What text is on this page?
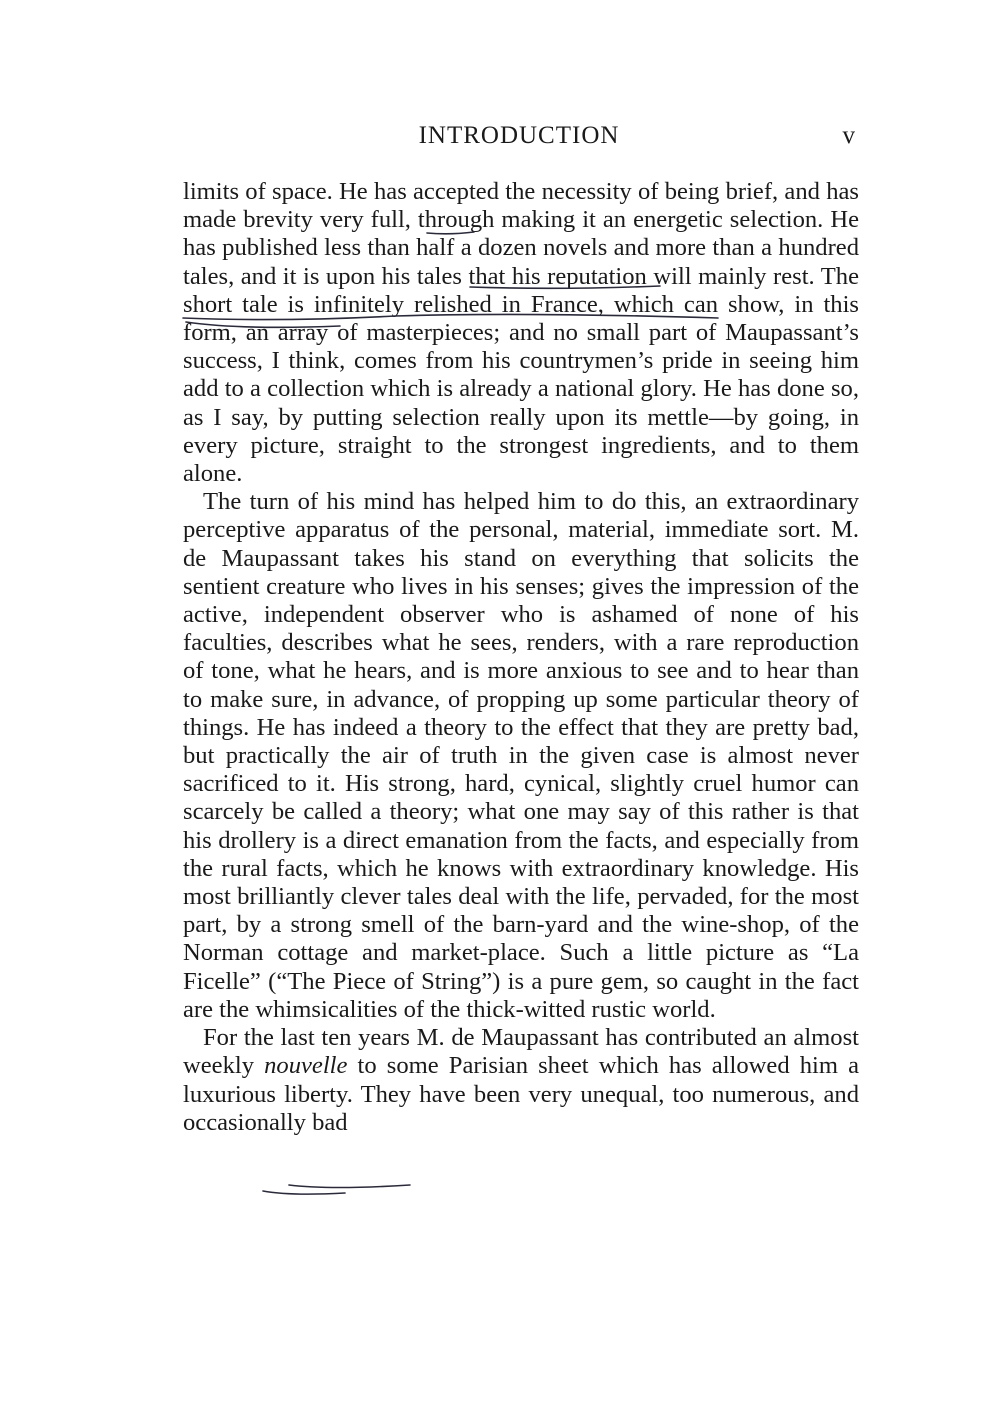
INTRODUCTION	v

limits of space. He has accepted the necessity of being brief, and has made brevity very full, through making it an energetic selection. He has published less than half a dozen novels and more than a hundred tales, and it is upon his tales that his reputation will mainly rest. The short tale is infinitely relished in France, which can show, in this form, an array of masterpieces; and no small part of Maupassant’s success, I think, comes from his countrymen’s pride in seeing him add to a collection which is already a national glory. He has done so, as I say, by putting selection really upon its mettle—by going, in every picture, straight to the strongest ingredients, and to them alone.

The turn of his mind has helped him to do this, an extraordinary perceptive apparatus of the personal, material, immediate sort. M. de Maupassant takes his stand on everything that solicits the sentient creature who lives in his senses; gives the impression of the active, independent observer who is ashamed of none of his faculties, describes what he sees, renders, with a rare reproduction of tone, what he hears, and is more anxious to see and to hear than to make sure, in advance, of propping up some particular theory of things. He has indeed a theory to the effect that they are pretty bad, but practically the air of truth in the given case is almost never sacrificed to it. His strong, hard, cynical, slightly cruel humor can scarcely be called a theory; what one may say of this rather is that his drollery is a direct emanation from the facts, and especially from the rural facts, which he knows with extraordinary knowledge. His most brilliantly clever tales deal with the life, pervaded, for the most part, by a strong smell of the barn-yard and the wine-shop, of the Norman cottage and market-place. Such a little picture as “La Ficelle” (“The Piece of String”) is a pure gem, so caught in the fact are the whimsicalities of the thick-witted rustic world.

For the last ten years M. de Maupassant has contributed an almost weekly nouvelle to some Parisian sheet which has allowed him a luxurious liberty. They have been very unequal, too numerous, and occasionally bad
